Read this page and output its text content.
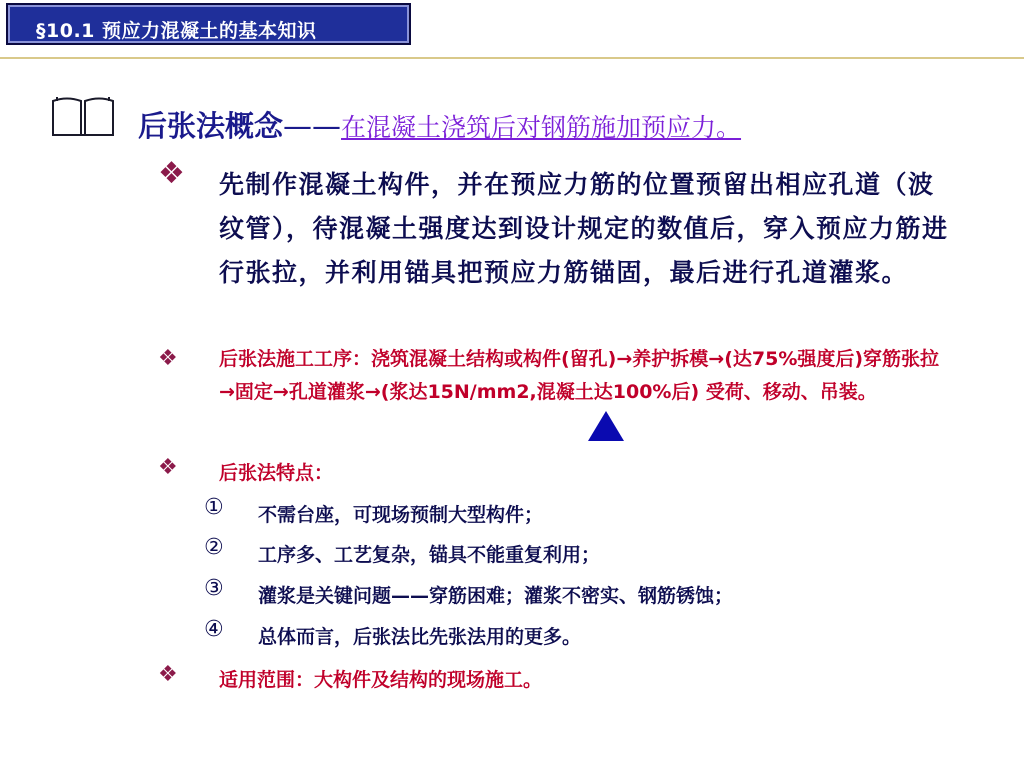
§10.1 预应力混凝土的基本知识
后张法概念——在混凝土浇筑后对钢筋施加预应力。
❖ 先制作混凝土构件，并在预应力筋的位置预留出相应孔道（波纹管），待混凝土强度达到设计规定的数值后，穿入预应力筋进行张拉，并利用锚具把预应力筋锚固，最后进行孔道灌浆。
❖ 后张法施工工序：浇筑混凝土结构或构件(留孔)→养护拆模→(达75%强度后)穿筋张拉→固定→孔道灌浆→(浆达15N/mm2,混凝土达100%后) 受荷、移动、吊装。
❖ 后张法特点：
① 不需台座，可现场预制大型构件；
② 工序多、工艺复杂，锚具不能重复利用；
③ 灌浆是关键问题——穿筋困难；灌浆不密实、钢筋锈蚀；
④ 总体而言，后张法比先张法用的更多。
❖ 适用范围：大构件及结构的现场施工。
